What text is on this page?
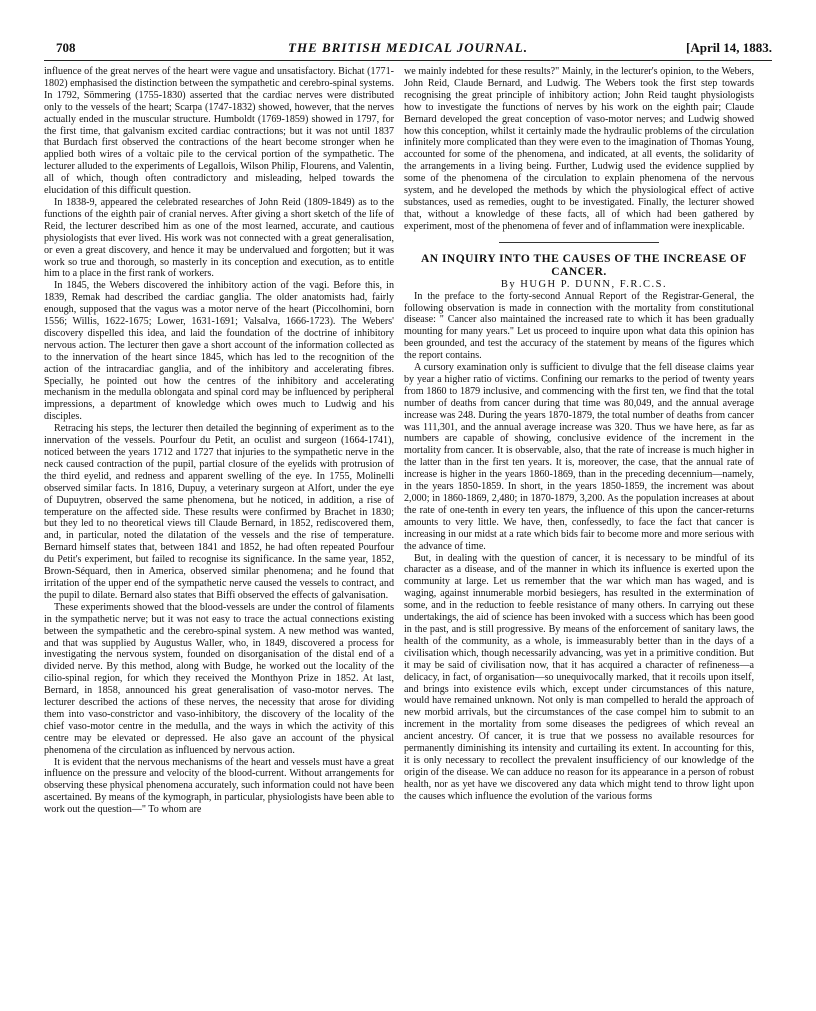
708	THE BRITISH MEDICAL JOURNAL.	[April 14, 1883.

influence of the great nerves of the heart were vague and unsatisfactory. Bichat (1771-1802) emphasised the distinction between the sympathetic and cerebro-spinal systems. In 1792, Sömmering (1755-1830) asserted that the cardiac nerves were distributed only to the vessels of the heart; Scarpa (1747-1832) showed, however, that the nerves actually ended in the muscular structure. Humboldt (1769-1859) showed in 1797, for the first time, that galvanism excited cardiac contractions; but it was not until 1837 that Burdach first observed the contractions of the heart become stronger when he applied both wires of a voltaic pile to the cervical portion of the sympathetic. The lecturer alluded to the experiments of Legallois, Wilson Philip, Flourens, and Valentin, all of which, though often contradictory and misleading, helped towards the elucidation of this difficult question.

In 1838-9, appeared the celebrated researches of John Reid (1809-1849) as to the functions of the eighth pair of cranial nerves. After giving a short sketch of the life of Reid, the lecturer described him as one of the most learned, accurate, and cautious physiologists that ever lived. His work was not connected with a great generalisation, or even a great discovery, and hence it may be undervalued and forgotten; but it was work so true and thorough, so masterly in its conception and execution, as to entitle him to a place in the first rank of workers.

In 1845, the Webers discovered the inhibitory action of the vagi. Before this, in 1839, Remak had described the cardiac ganglia. The older anatomists had, fairly enough, supposed that the vagus was a motor nerve of the heart (Piccolhomini, born 1556; Willis, 1622-1675; Lower, 1631-1691; Valsalva, 1666-1723). The Webers' discovery dispelled this idea, and laid the foundation of the doctrine of inhibitory nervous action. The lecturer then gave a short account of the information collected as to the innervation of the heart since 1845, which has led to the recognition of the action of the intracardiac ganglia, and of the inhibitory and accelerating fibres. Specially, he pointed out how the centres of the inhibitory and accelerating mechanism in the medulla oblongata and spinal cord may be influenced by peripheral impressions, a department of knowledge which owes much to Ludwig and his disciples.

Retracing his steps, the lecturer then detailed the beginning of experiment as to the innervation of the vessels. Pourfour du Petit, an oculist and surgeon (1664-1741), noticed between the years 1712 and 1727 that injuries to the sympathetic nerve in the neck caused contraction of the pupil, partial closure of the eyelids with protrusion of the third eyelid, and redness and apparent swelling of the eye. In 1755, Molinelli observed similar facts. In 1816, Dupuy, a veterinary surgeon at Alfort, under the eye of Dupuytren, observed the same phenomena, but he noticed, in addition, a rise of temperature on the affected side. These results were confirmed by Brachet in 1830; but they led to no theoretical views till Claude Bernard, in 1852, rediscovered them, and, in particular, noted the dilatation of the vessels and the rise of temperature. Bernard himself states that, between 1841 and 1852, he had often repeated Pourfour du Petit's experiment, but failed to recognise its significance. In the same year, 1852, Brown-Séquard, then in America, observed similar phenomena; and he found that irritation of the upper end of the sympathetic nerve caused the vessels to contract, and the pupil to dilate. Bernard also states that Biffi observed the effects of galvanisation.

These experiments showed that the blood-vessels are under the control of filaments in the sympathetic nerve; but it was not easy to trace the actual connections existing between the sympathetic and the cerebro-spinal system. A new method was wanted, and that was supplied by Augustus Waller, who, in 1849, discovered a process for investigating the nervous system, founded on disorganisation of the distal end of a divided nerve. By this method, along with Budge, he worked out the locality of the cilio-spinal region, for which they received the Monthyon Prize in 1852. At last, Bernard, in 1858, announced his great generalisation of vaso-motor nerves. The lecturer described the actions of these nerves, the necessity that arose for dividing them into vaso-constrictor and vaso-inhibitory, the discovery of the locality of the chief vaso-motor centre in the medulla, and the ways in which the activity of this centre may be elevated or depressed. He also gave an account of the physical phenomena of the circulation as influenced by nervous action.

It is evident that the nervous mechanisms of the heart and vessels must have a great influence on the pressure and velocity of the blood-current. Without arrangements for observing these physical phenomena accurately, such information could not have been ascertained. By means of the kymograph, in particular, physiologists have been able to work out the question—" To whom are

we mainly indebted for these results?" Mainly, in the lecturer's opinion, to the Webers, John Reid, Claude Bernard, and Ludwig. The Webers took the first step towards recognising the great principle of inhibitory action; John Reid taught physiologists how to investigate the functions of nerves by his work on the eighth pair; Claude Bernard developed the great conception of vaso-motor nerves; and Ludwig showed how this conception, whilst it certainly made the hydraulic problems of the circulation infinitely more complicated than they were even to the imagination of Thomas Young, accounted for some of the phenomena, and indicated, at all events, the solidarity of the arrangements in a living being. Further, Ludwig used the evidence supplied by some of the phenomena of the circulation to explain phenomena of the nervous system, and he developed the methods by which the physiological effect of active substances, used as remedies, ought to be investigated. Finally, the lecturer showed that, without a knowledge of these facts, all of which had been gathered by experiment, most of the phenomena of fever and of inflammation were inexplicable.

AN INQUIRY INTO THE CAUSES OF THE INCREASE OF CANCER.

By HUGH P. DUNN, F.R.C.S.

In the preface to the forty-second Annual Report of the Registrar-General, the following observation is made in connection with the mortality from constitutional disease: " Cancer also maintained the increased rate to which it has been gradually mounting for many years." Let us proceed to inquire upon what data this opinion has been grounded, and test the accuracy of the statement by means of the figures which the report contains.

A cursory examination only is sufficient to divulge that the fell disease claims year by year a higher ratio of victims. Confining our remarks to the period of twenty years from 1860 to 1879 inclusive, and commencing with the first ten, we find that the total number of deaths from cancer during that time was 80,049, and the annual average increase was 248. During the years 1870-1879, the total number of deaths from cancer was 111,301, and the annual average increase was 320. Thus we have here, as far as numbers are capable of showing, conclusive evidence of the increment in the mortality from cancer. It is observable, also, that the rate of increase is much higher in the latter than in the first ten years. It is, moreover, the case, that the annual rate of increase is higher in the years 1860-1869, than in the preceding decennium—namely, in the years 1850-1859. In short, in the years 1850-1859, the increment was about 2,000; in 1860-1869, 2,480; in 1870-1879, 3,200. As the population increases at about the rate of one-tenth in every ten years, the influence of this upon the cancer-returns amounts to very little. We have, then, confessedly, to face the fact that cancer is increasing in our midst at a rate which bids fair to become more and more serious with the advance of time.

But, in dealing with the question of cancer, it is necessary to be mindful of its character as a disease, and of the manner in which its influence is exerted upon the community at large. Let us remember that the war which man has waged, and is waging, against innumerable morbid besiegers, has resulted in the extermination of some, and in the reduction to feeble resistance of many others. In carrying out these undertakings, the aid of science has been invoked with a success which has been good in the past, and is still progressive. By means of the enforcement of sanitary laws, the health of the community, as a whole, is immeasurably better than in the days of a civilisation which, though necessarily advancing, was yet in a primitive condition. But it may be said of civilisation now, that it has acquired a character of refineness—a delicacy, in fact, of organisation—so unequivocally marked, that it recoils upon itself, and brings into existence evils which, except under circumstances of this nature, would have remained unknown. Not only is man compelled to herald the approach of new morbid arrivals, but the circumstances of the case compel him to submit to an increment in the mortality from some diseases the pedigrees of which reveal an ancient ancestry. Of cancer, it is true that we possess no available resources for permanently diminishing its intensity and curtailing its extent. In accounting for this, it is only necessary to recollect the prevalent insufficiency of our knowledge of the origin of the disease. We can adduce no reason for its appearance in a person of robust health, nor as yet have we discovered any data which might tend to throw light upon the causes which influence the evolution of the various forms
